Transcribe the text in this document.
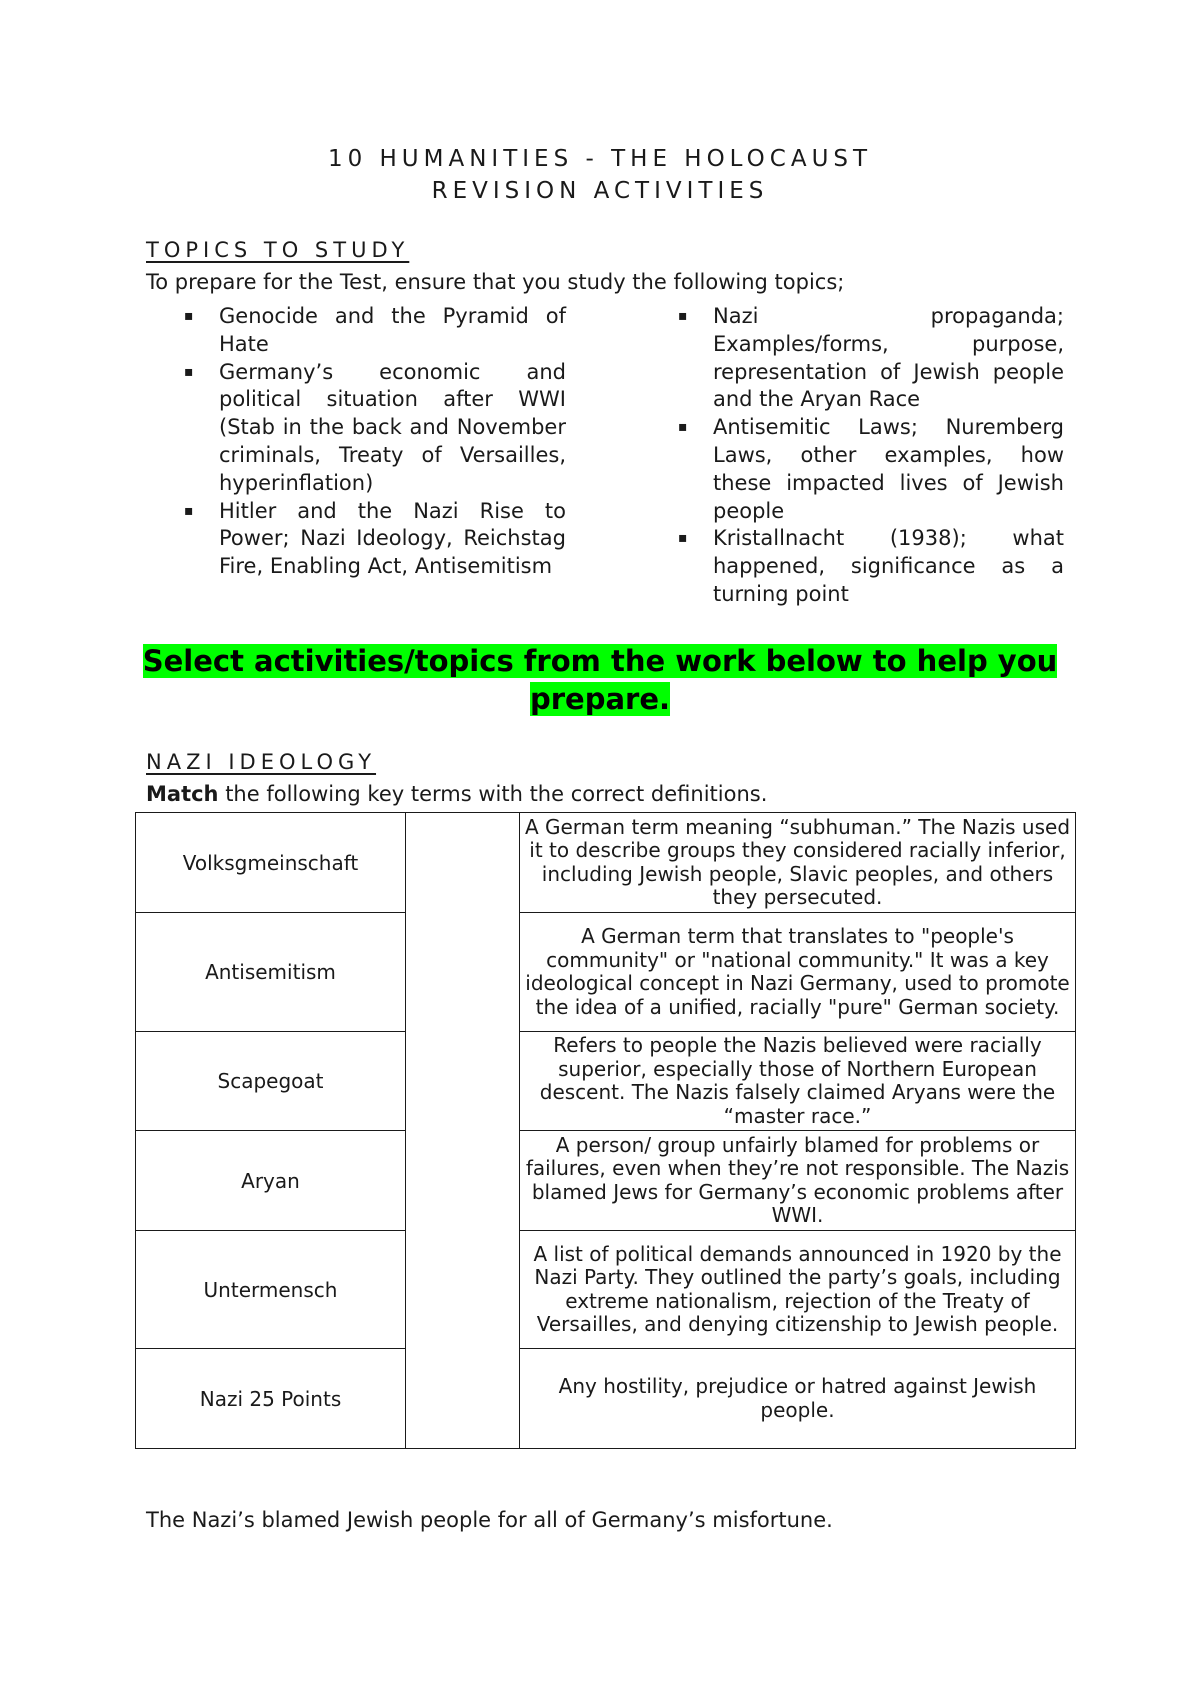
10 HUMANITIES - THE HOLOCAUST
REVISION ACTIVITIES
TOPICS TO STUDY
To prepare for the Test, ensure that you study the following topics;
▪ Genocide and the Pyramid of Hate
▪ Germany’s economic and political situation after WWI (Stab in the back and November criminals, Treaty of Versailles, hyperinflation)
▪ Hitler and the Nazi Rise to Power; Nazi Ideology, Reichstag Fire, Enabling Act, Antisemitism
▪ Nazi propaganda; Examples/forms, purpose, representation of Jewish people and the Aryan Race
▪ Antisemitic Laws; Nuremberg Laws, other examples, how these impacted lives of Jewish people
▪ Kristallnacht (1938); what happened, significance as a turning point
Select activities/topics from the work below to help you
prepare.
NAZI IDEOLOGY
Match the following key terms with the correct definitions.
Volksgmeinschaft		A German term meaning “subhuman.” The Nazis used it to describe groups they considered racially inferior, including Jewish people, Slavic peoples, and others they persecuted.
Antisemitism		A German term that translates to "people's community" or "national community." It was a key ideological concept in Nazi Germany, used to promote the idea of a unified, racially "pure" German society.
Scapegoat		Refers to people the Nazis believed were racially superior, especially those of Northern European descent. The Nazis falsely claimed Aryans were the “master race.”
Aryan		A person/ group unfairly blamed for problems or failures, even when they’re not responsible. The Nazis blamed Jews for Germany’s economic problems after WWI.
Untermensch		A list of political demands announced in 1920 by the Nazi Party. They outlined the party’s goals, including extreme nationalism, rejection of the Treaty of Versailles, and denying citizenship to Jewish people.
Nazi 25 Points		Any hostility, prejudice or hatred against Jewish people.
The Nazi’s blamed Jewish people for all of Germany’s misfortune.
